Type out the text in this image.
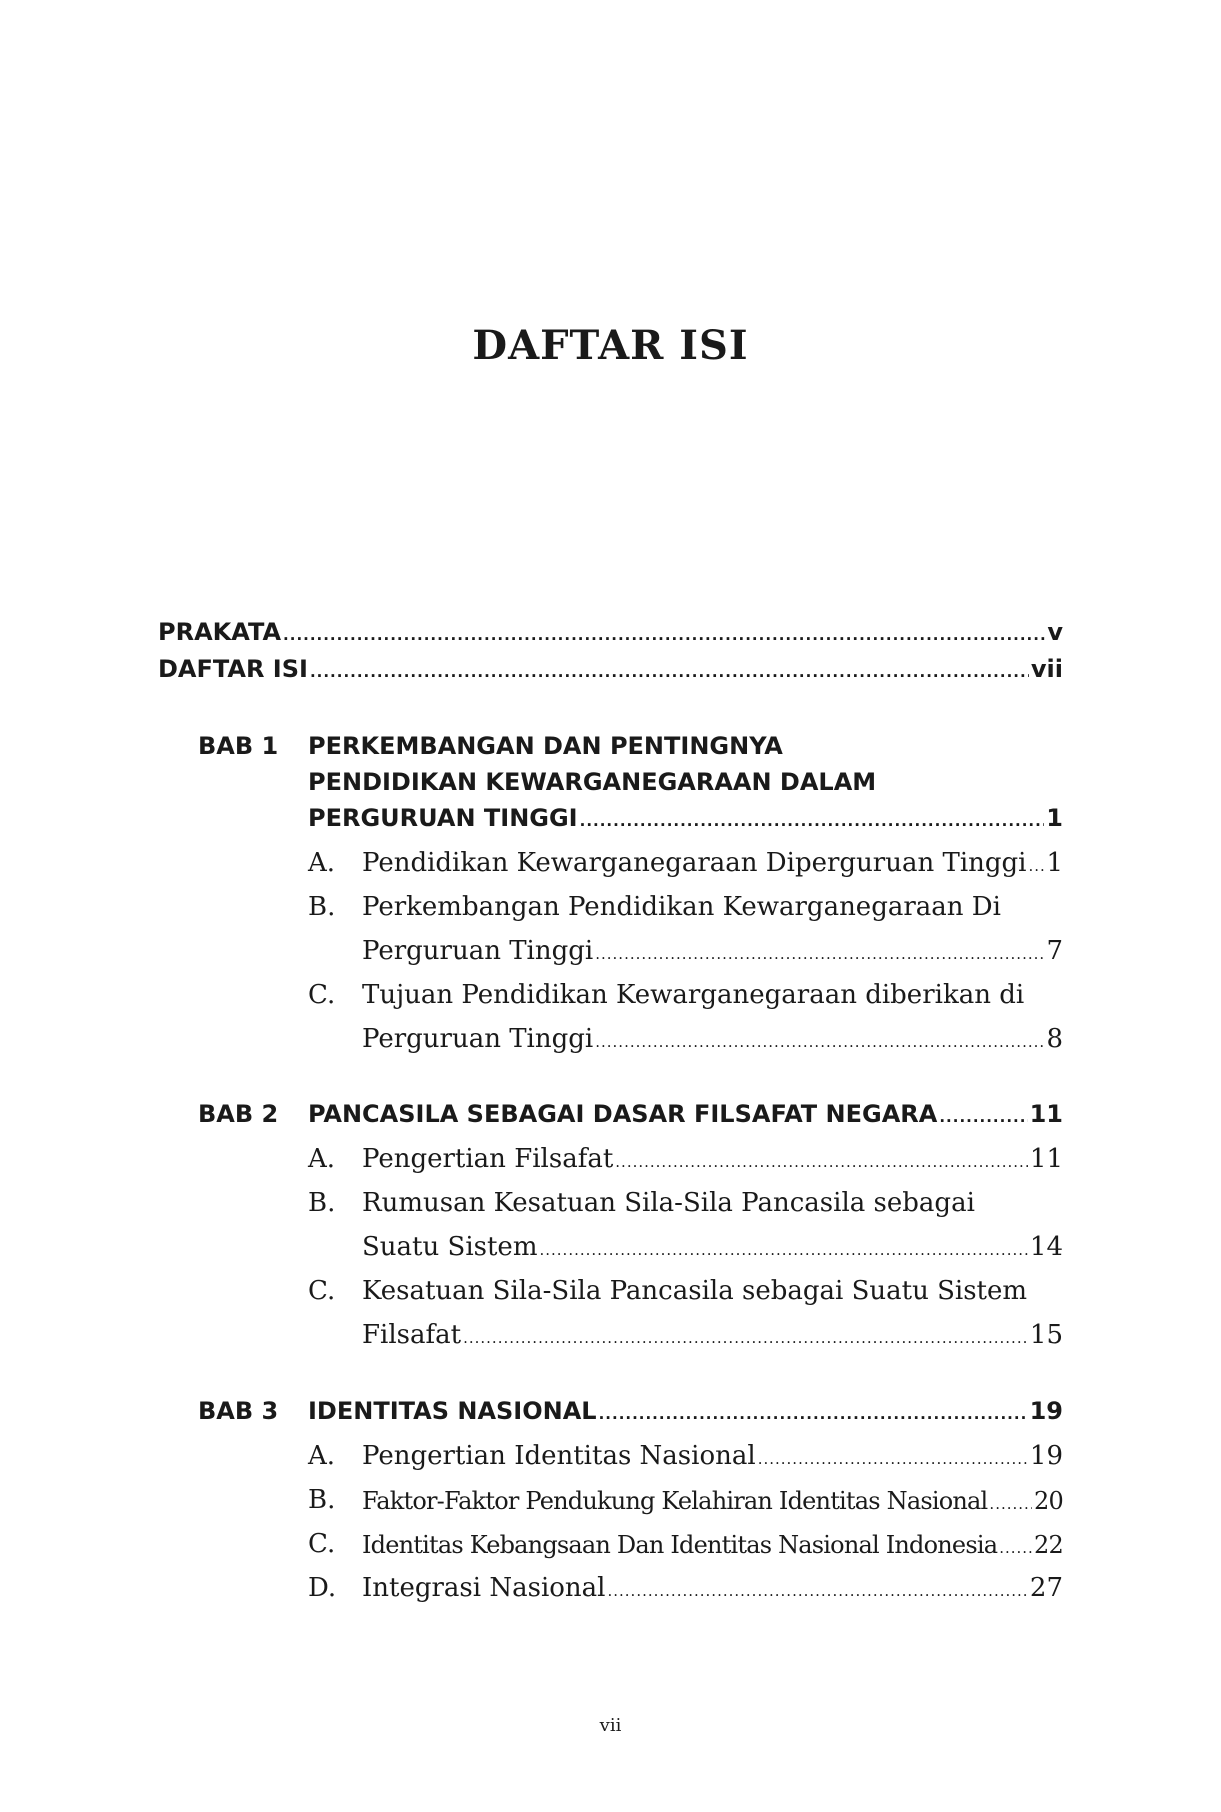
DAFTAR ISI
PRAKATA .....	v
DAFTAR ISI .....	vii
BAB 1 PERKEMBANGAN DAN PENTINGNYA
PENDIDIKAN KEWARGANEGARAAN DALAM
PERGURUAN TINGGI .....	1
A. Pendidikan Kewarganegaraan Diperguruan Tinggi ..... 1
B. Perkembangan Pendidikan Kewarganegaraan Di
Perguruan Tinggi .....	7
C. Tujuan Pendidikan Kewarganegaraan diberikan di
Perguruan Tinggi .....	8
BAB 2 PANCASILA SEBAGAI DASAR FILSAFAT NEGARA .....	11
A. Pengertian Filsafat .....	11
B. Rumusan Kesatuan Sila-Sila Pancasila sebagai
Suatu Sistem .....	14
C. Kesatuan Sila-Sila Pancasila sebagai Suatu Sistem
Filsafat .....	15
BAB 3 IDENTITAS NASIONAL .....	19
A. Pengertian Identitas Nasional .....	19
B. Faktor-Faktor Pendukung Kelahiran Identitas Nasional ..... 20
C. Identitas Kebangsaan Dan Identitas Nasional Indonesia ..... 22
D. Integrasi Nasional .....	27
vii
